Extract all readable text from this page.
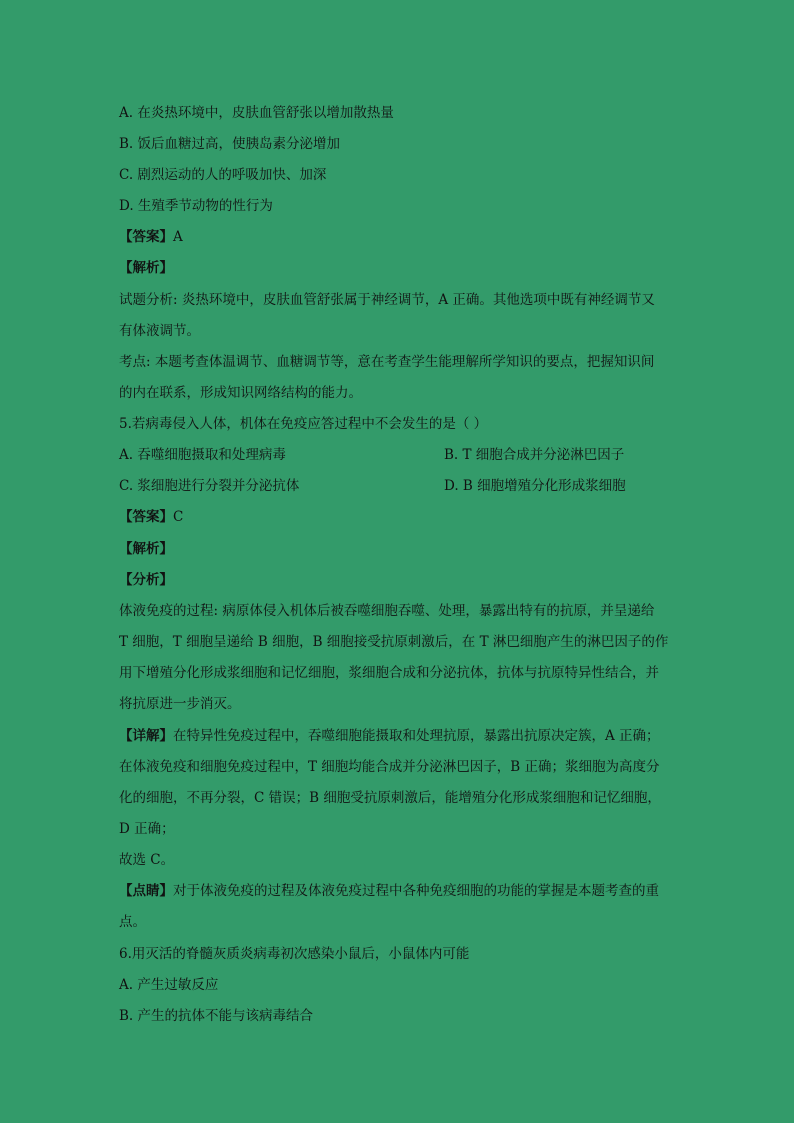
A. 在炎热环境中，皮肤血管舒张以增加散热量
B. 饭后血糖过高，使胰岛素分泌增加
C. 剧烈运动的人的呼吸加快、加深
D. 生殖季节动物的性行为
【答案】A
【解析】
试题分析: 炎热环境中，皮肤血管舒张属于神经调节，A 正确。其他选项中既有神经调节又
有体液调节。
考点: 本题考查体温调节、血糖调节等，意在考查学生能理解所学知识的要点，把握知识间
的内在联系，形成知识网络结构的能力。
5.若病毒侵入人体，机体在免疫应答过程中不会发生的是（ ）
A. 吞噬细胞摄取和处理病毒	B. T 细胞合成并分泌淋巴因子
C. 浆细胞进行分裂并分泌抗体	D. B 细胞增殖分化形成浆细胞
【答案】C
【解析】
【分析】
体液免疫的过程: 病原体侵入机体后被吞噬细胞吞噬、处理，暴露出特有的抗原，并呈递给
T 细胞，T 细胞呈递给 B 细胞，B 细胞接受抗原刺激后，在 T 淋巴细胞产生的淋巴因子的作
用下增殖分化形成浆细胞和记忆细胞，浆细胞合成和分泌抗体，抗体与抗原特异性结合，并
将抗原进一步消灭。
【详解】在特异性免疫过程中，吞噬细胞能摄取和处理抗原，暴露出抗原决定簇，A 正确；
在体液免疫和细胞免疫过程中，T 细胞均能合成并分泌淋巴因子，B 正确；浆细胞为高度分
化的细胞，不再分裂，C 错误；B 细胞受抗原刺激后，能增殖分化形成浆细胞和记忆细胞，
D 正确；
故选 C。
【点睛】对于体液免疫的过程及体液免疫过程中各种免疫细胞的功能的掌握是本题考查的重
点。
6.用灭活的脊髓灰质炎病毒初次感染小鼠后，小鼠体内可能
A. 产生过敏反应
B. 产生的抗体不能与该病毒结合
